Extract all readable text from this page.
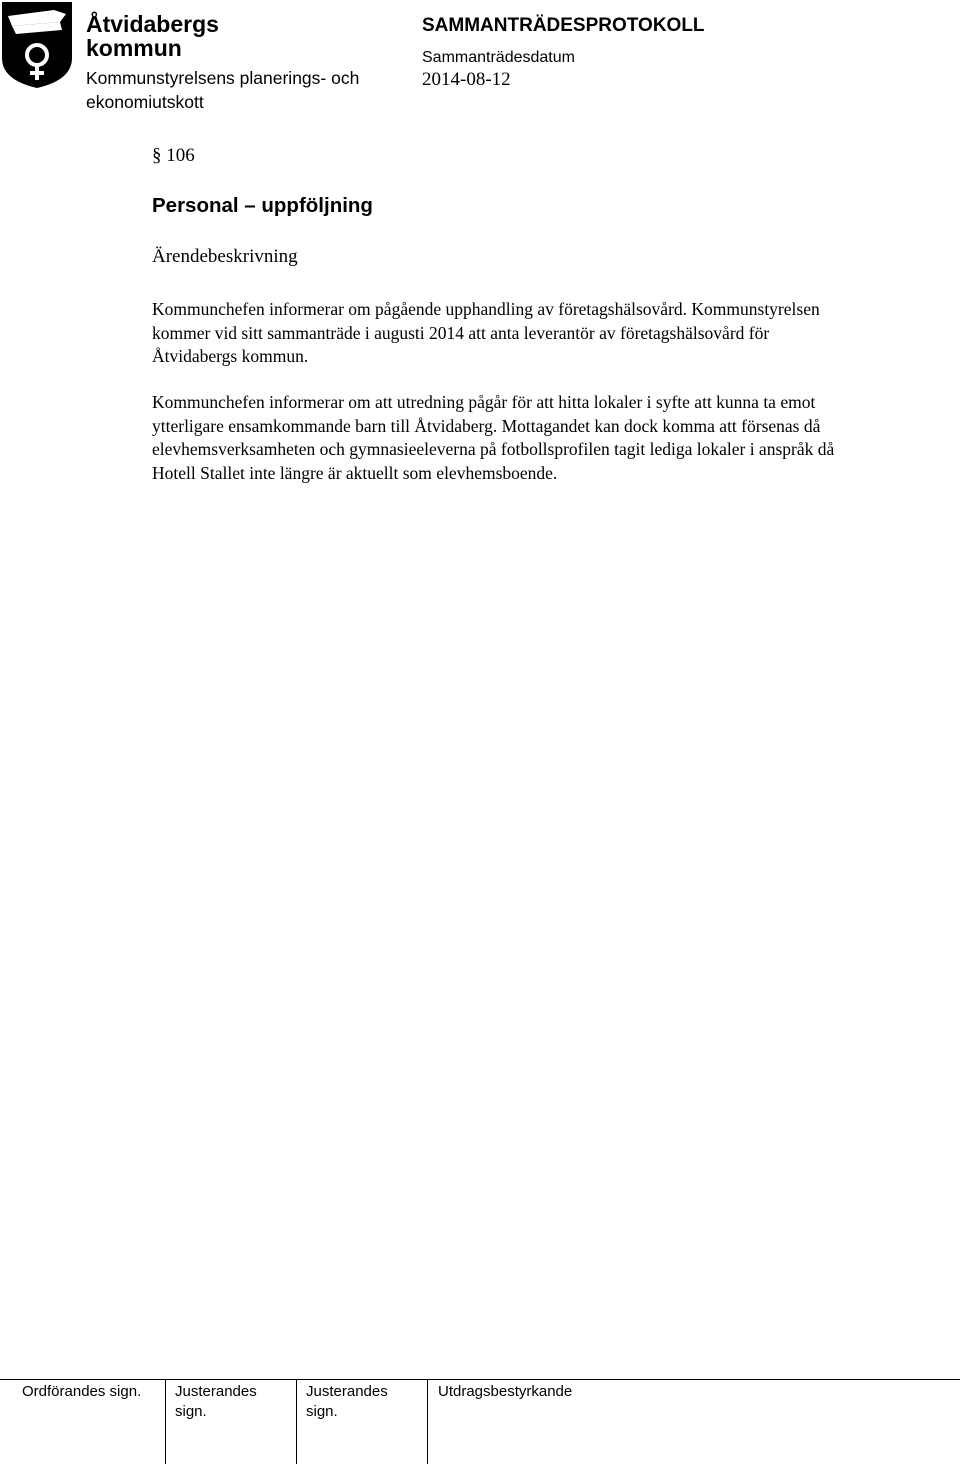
Åtvidabergs
kommun
Kommunstyrelsens planerings- och
ekonomiutskott
SAMMANTRÄDESPROTOKOLL
Sammanträdesdatum
2014-08-12
§ 106
Personal – uppföljning
Ärendebeskrivning

Kommunchefen informerar om pågående upphandling av företagshälsovård. Kommunstyrelsen kommer vid sitt sammanträde i augusti 2014 att anta leverantör av företagshälsovård för Åtvidabergs kommun.

Kommunchefen informerar om att utredning pågår för att hitta lokaler i syfte att kunna ta emot ytterligare ensamkommande barn till Åtvidaberg. Mottagandet kan dock komma att försenas då elevhemsverksamheten och gymnasieeleverna på fotbollsprofilen tagit lediga lokaler i anspråk då Hotell Stallet inte längre är aktuellt som elevhemsboende.

Ordförandes sign. Justerandes
sign.
Justerandes
sign.
Utdragsbestyrkande
